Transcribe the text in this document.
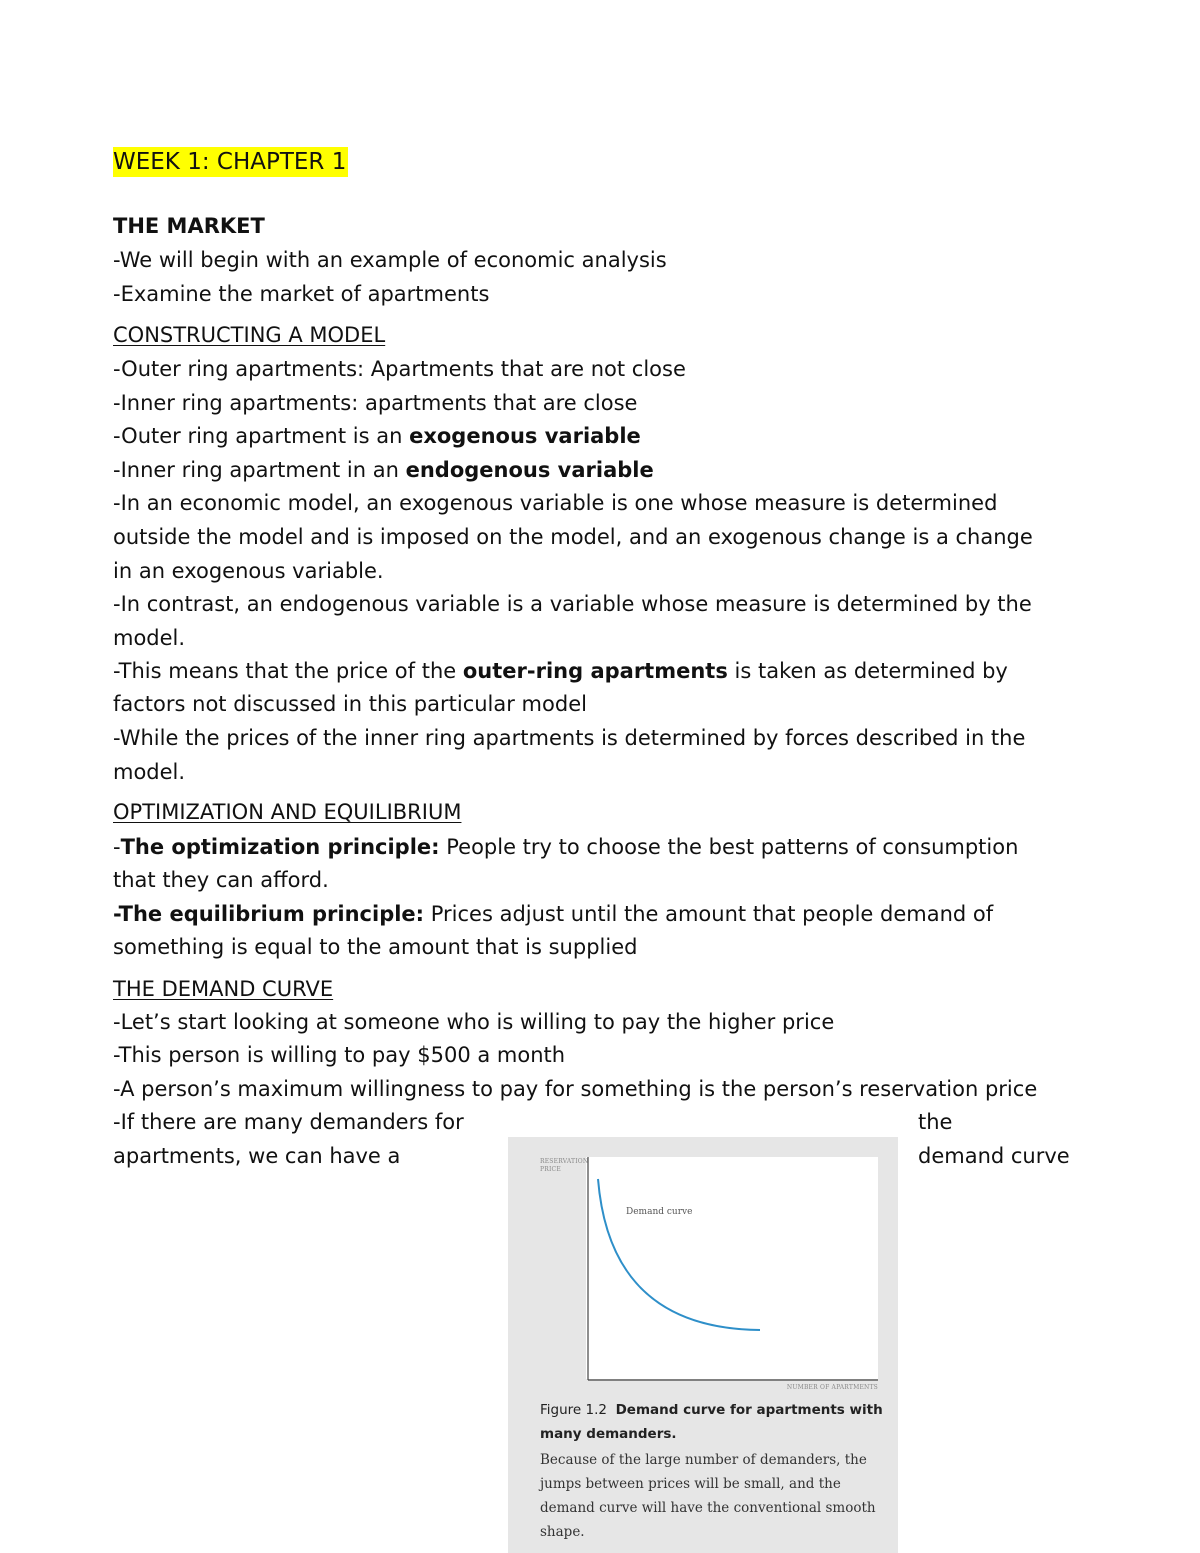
WEEK 1: CHAPTER 1
THE MARKET
-We will begin with an example of economic analysis
-Examine the market of apartments
CONSTRUCTING A MODEL
-Outer ring apartments: Apartments that are not close
-Inner ring apartments: apartments that are close
-Outer ring apartment is an exogenous variable
-Inner ring apartment in an endogenous variable
-In an economic model, an exogenous variable is one whose measure is determined
outside the model and is imposed on the model, and an exogenous change is a change
in an exogenous variable.
-In contrast, an endogenous variable is a variable whose measure is determined by the
model.
-This means that the price of the outer-ring apartments is taken as determined by
factors not discussed in this particular model
-While the prices of the inner ring apartments is determined by forces described in the
model.
OPTIMIZATION AND EQUILIBRIUM
-The optimization principle: People try to choose the best patterns of consumption
that they can afford.
-The equilibrium principle: Prices adjust until the amount that people demand of
something is equal to the amount that is supplied
THE DEMAND CURVE
-Let’s start looking at someone who is willing to pay the higher price
-This person is willing to pay $500 a month
-A person’s maximum willingness to pay for something is the person’s reservation price
-If there are many demanders for	the
apartments, we can have a	demand curve
RESERVATION
PRICE
NUMBER OF APARTMENTS
Demand curve

Figure 1.2 Demand curve for apartments with many demanders.

Because of the large number of demanders, the jumps between prices will be small, and the demand curve will have the conventional smooth shape.
